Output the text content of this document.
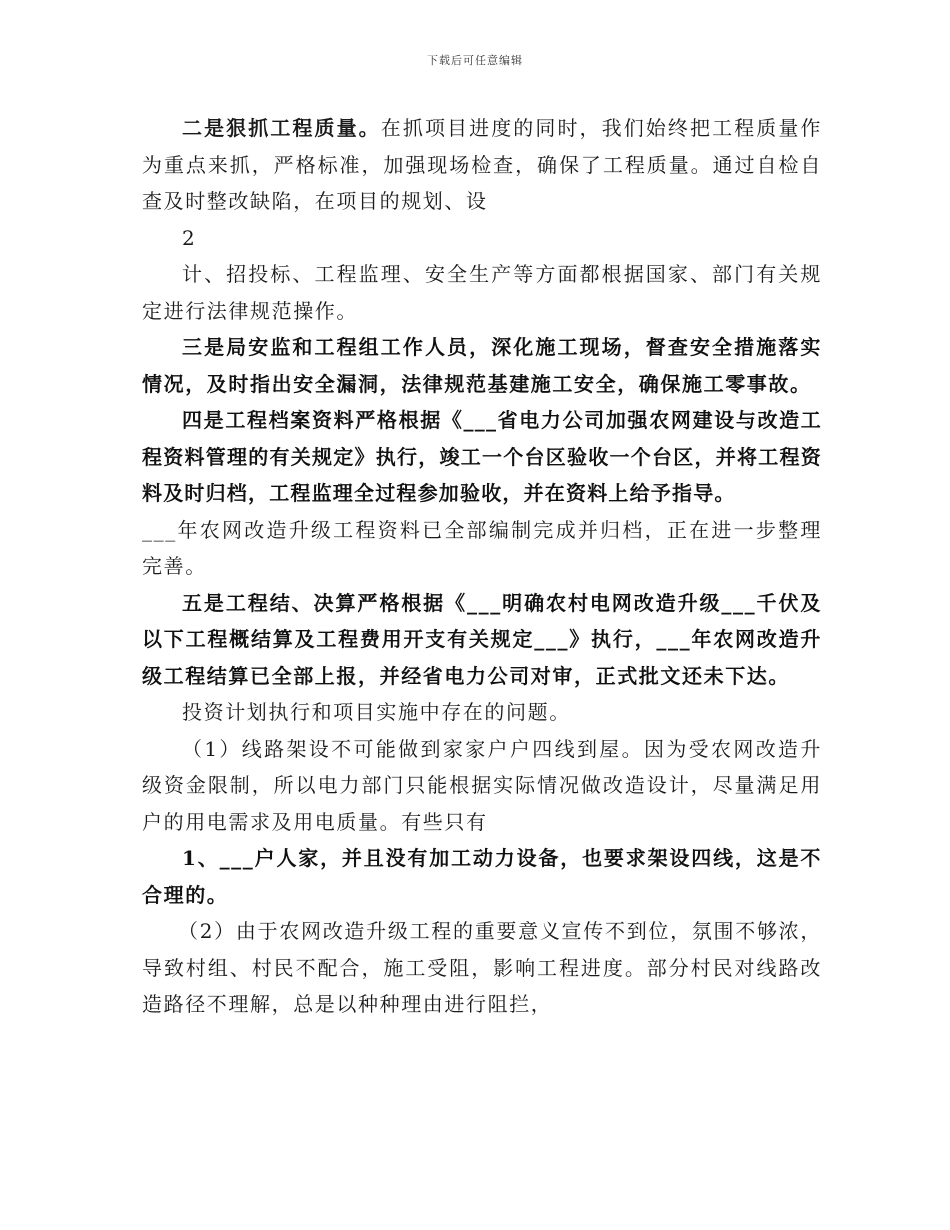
下载后可任意编辑

二是狠抓工程质量。在抓项目进度的同时，我们始终把工程质量作为重点来抓，严格标准，加强现场检查，确保了工程质量。通过自检自查及时整改缺陷，在项目的规划、设

2

计、招投标、工程监理、安全生产等方面都根据国家、部门有关规定进行法律规范操作。

三是局安监和工程组工作人员，深化施工现场，督查安全措施落实情况，及时指出安全漏洞，法律规范基建施工安全，确保施工零事故。

四是工程档案资料严格根据《___省电力公司加强农网建设与改造工程资料管理的有关规定》执行，竣工一个台区验收一个台区，并将工程资料及时归档，工程监理全过程参加验收，并在资料上给予指导。

___年农网改造升级工程资料已全部编制完成并归档，正在进一步整理完善。

五是工程结、决算严格根据《___明确农村电网改造升级___千伏及以下工程概结算及工程费用开支有关规定___》执行，___年农网改造升级工程结算已全部上报，并经省电力公司对审，正式批文还未下达。

投资计划执行和项目实施中存在的问题。

（1）线路架设不可能做到家家户户四线到屋。因为受农网改造升级资金限制，所以电力部门只能根据实际情况做改造设计，尽量满足用户的用电需求及用电质量。有些只有

1、___户人家，并且没有加工动力设备，也要求架设四线，这是不合理的。

（2）由于农网改造升级工程的重要意义宣传不到位，氛围不够浓，导致村组、村民不配合，施工受阻，影响工程进度。部分村民对线路改造路径不理解，总是以种种理由进行阻拦，
